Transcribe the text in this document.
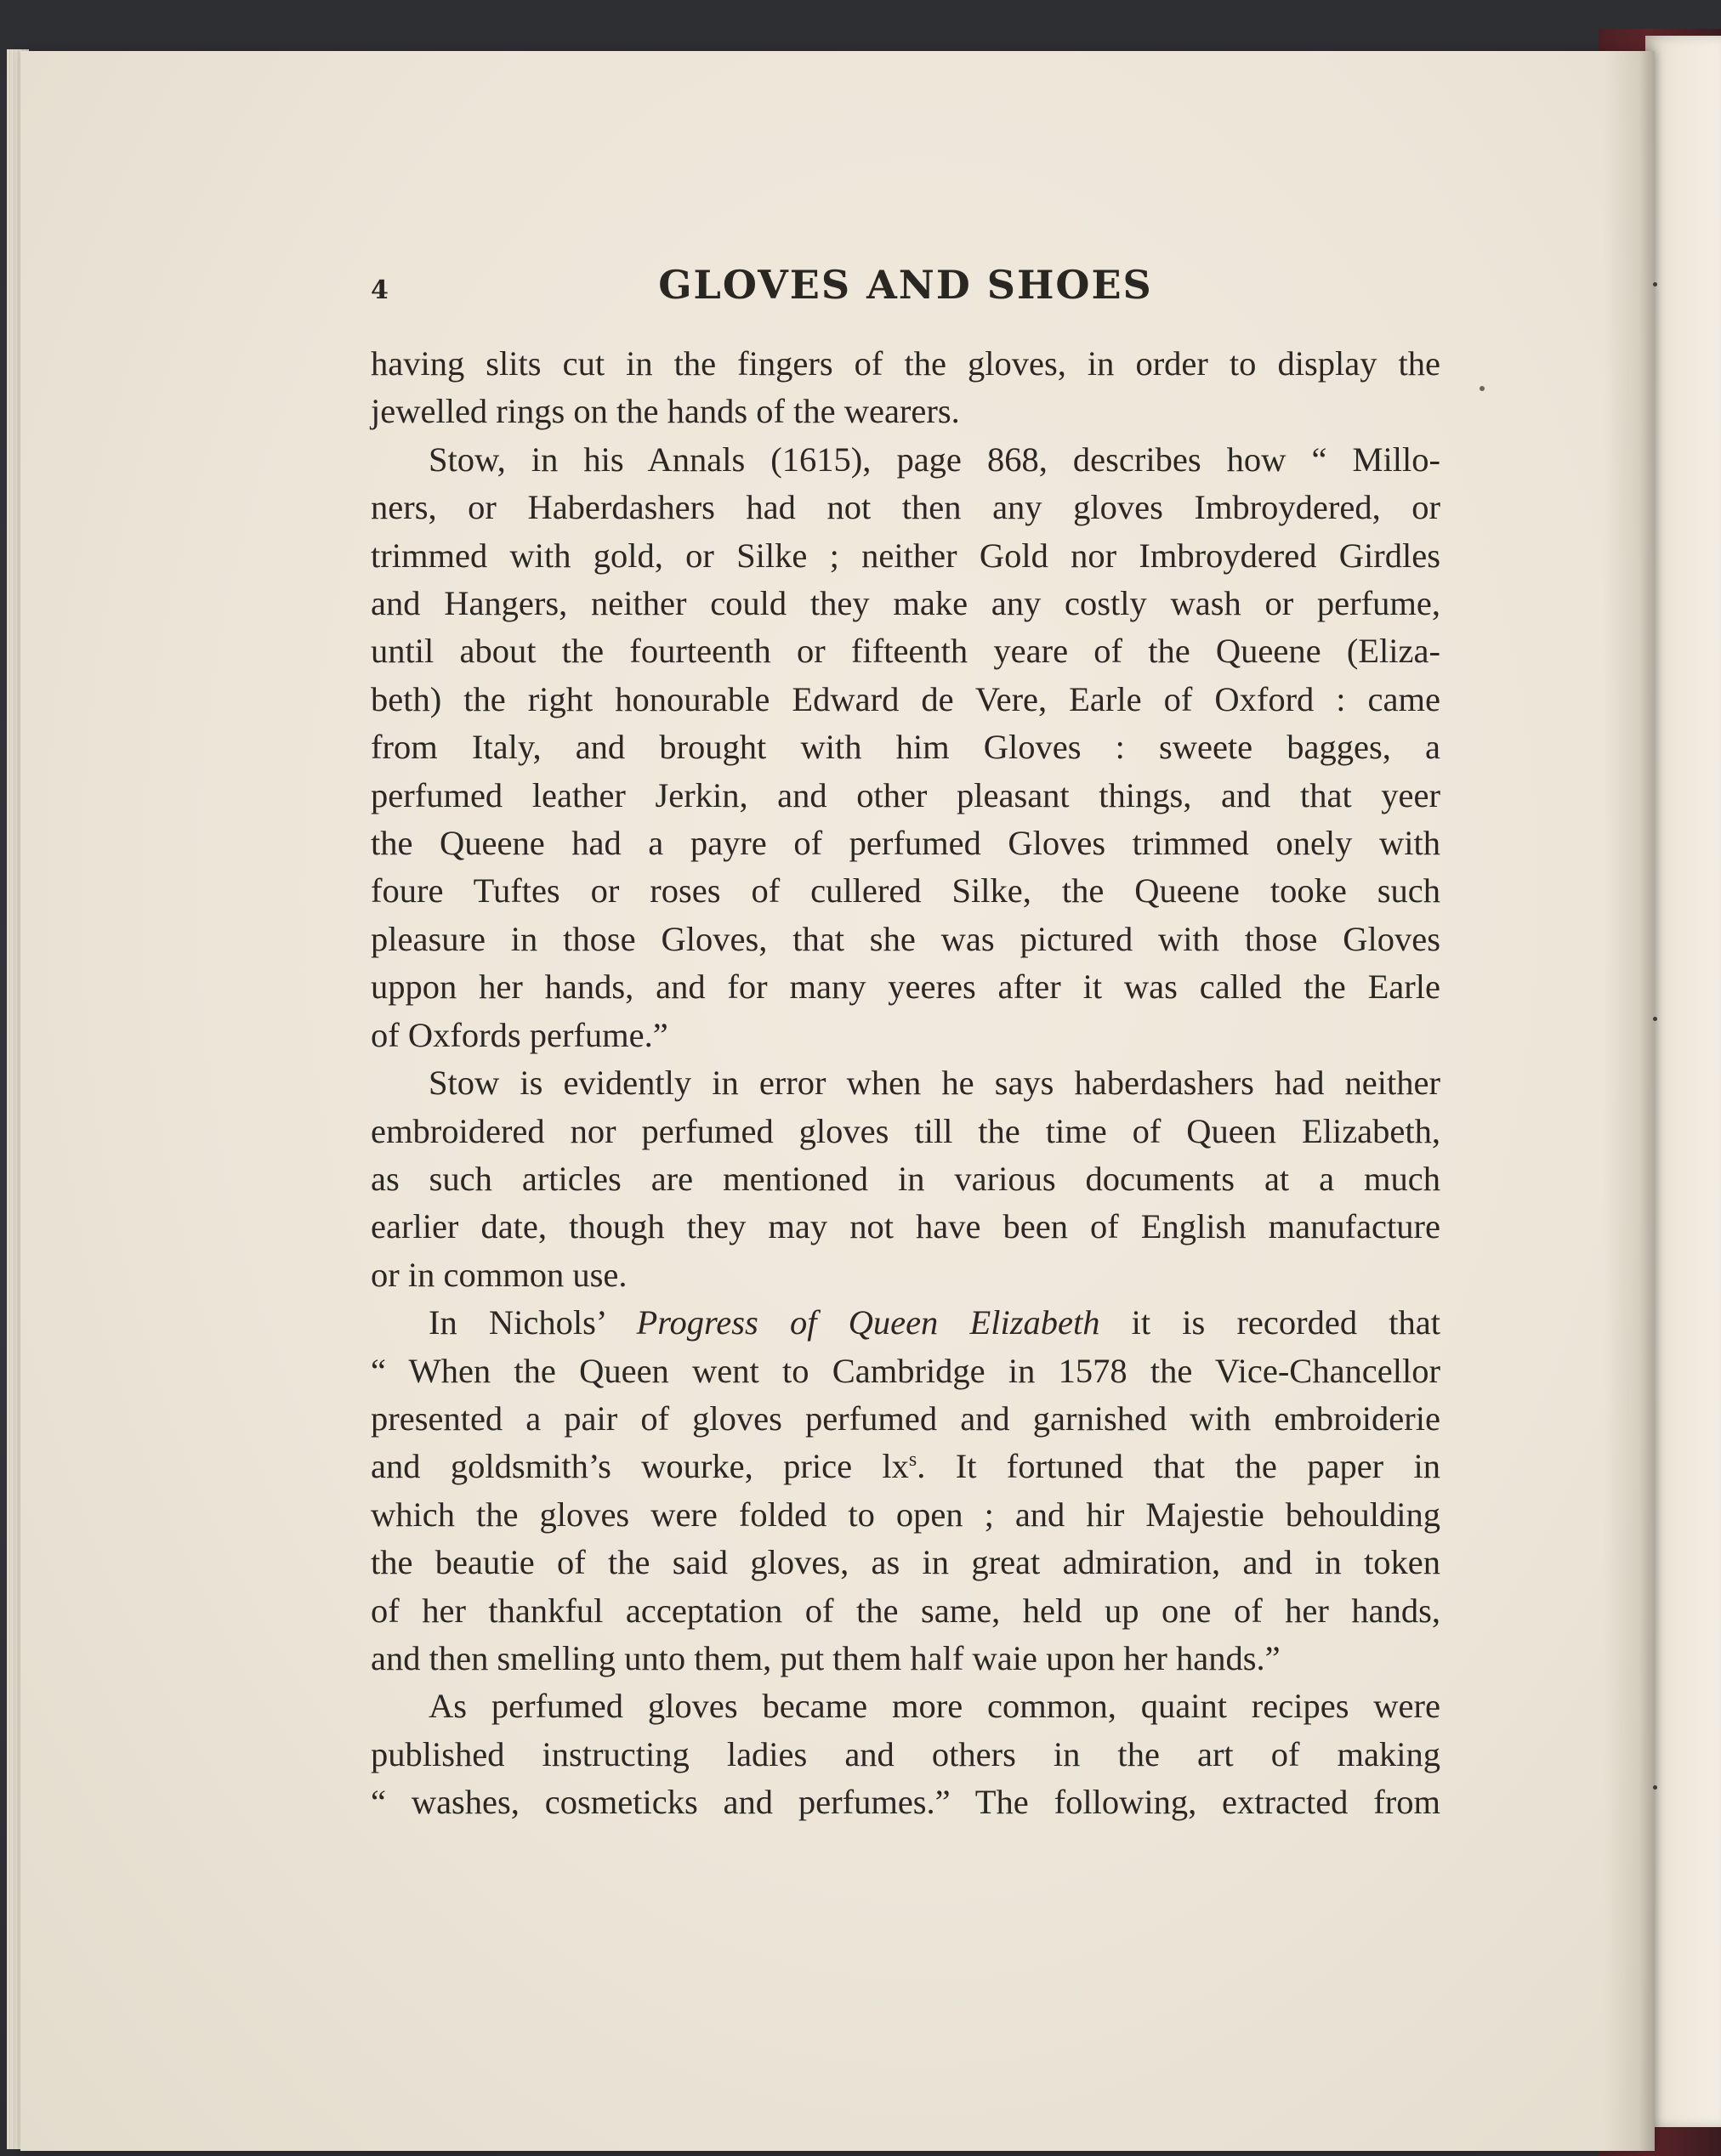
4	GLOVES AND SHOES

having slits cut in the fingers of the gloves, in order to display the

jewelled rings on the hands of the wearers.

Stow, in his Annals (1615), page 868, describes how “ Millo-

ners, or Haberdashers had not then any gloves Imbroydered, or

trimmed with gold, or Silke ; neither Gold nor Imbroydered Girdles

and Hangers, neither could they make any costly wash or perfume,

until about the fourteenth or fifteenth yeare of the Queene (Eliza-

beth) the right honourable Edward de Vere, Earle of Oxford : came

from Italy, and brought with him Gloves : sweete bagges, a

perfumed leather Jerkin, and other pleasant things, and that yeer

the Queene had a payre of perfumed Gloves trimmed onely with

foure Tuftes or roses of cullered Silke, the Queene tooke such

pleasure in those Gloves, that she was pictured with those Gloves

uppon her hands, and for many yeeres after it was called the Earle

of Oxfords perfume.”

Stow is evidently in error when he says haberdashers had neither

embroidered nor perfumed gloves till the time of Queen Elizabeth,

as such articles are mentioned in various documents at a much

earlier date, though they may not have been of English manufacture

or in common use.

In Nichols’ Progress of Queen Elizabeth it is recorded that

“ When the Queen went to Cambridge in 1578 the Vice-Chancellor

presented a pair of gloves perfumed and garnished with embroiderie

and goldsmith’s wourke, price $lx^s$. It fortuned that the paper in

which the gloves were folded to open ; and hir Majestie behoulding

the beautie of the said gloves, as in great admiration, and in token

of her thankful acceptation of the same, held up one of her hands,

and then smelling unto them, put them half waie upon her hands.”

As perfumed gloves became more common, quaint recipes were

published instructing ladies and others in the art of making

“ washes, cosmeticks and perfumes.” The following, extracted from
